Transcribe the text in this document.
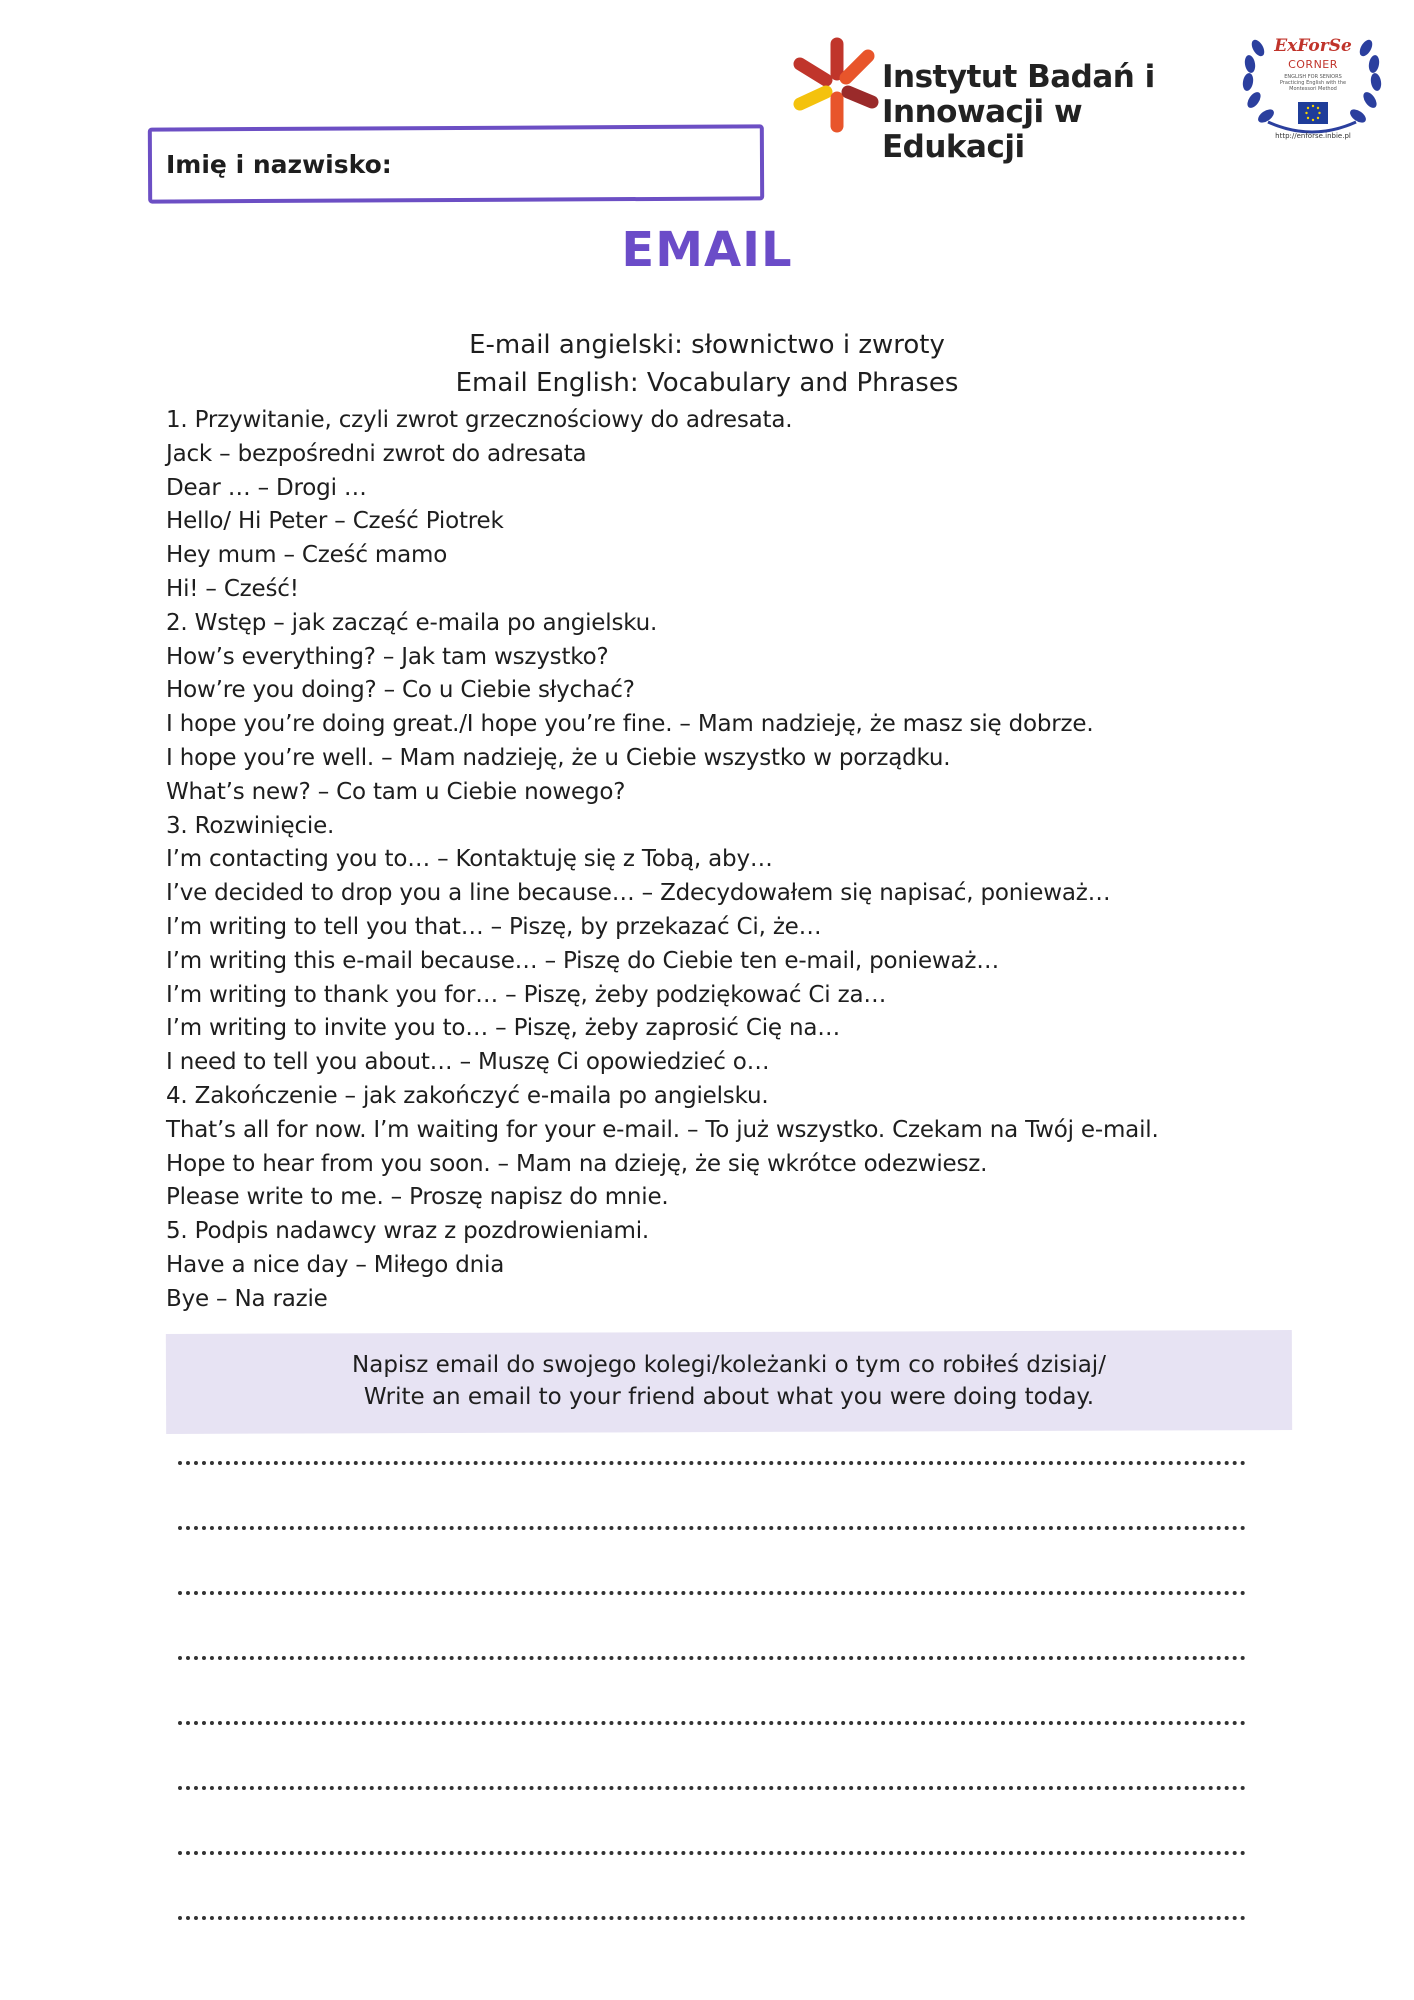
Imię i nazwisko:
Instytut Badań i
Innowacji w Edukacji
ExForSe
CORNER
ENGLISH FOR SENIORS Practicing English with the Montessori Method
http://enforse.inbie.pl
EMAIL
E-mail angielski: słownictwo i zwroty
Email English: Vocabulary and Phrases
1. Przywitanie, czyli zwrot grzecznościowy do adresata.
Jack – bezpośredni zwrot do adresata
Dear … – Drogi …
Hello/ Hi Peter – Cześć Piotrek
Hey mum – Cześć mamo
Hi! – Cześć!
2. Wstęp – jak zacząć e-maila po angielsku.
How’s everything? – Jak tam wszystko?
How’re you doing? – Co u Ciebie słychać?
I hope you’re doing great./I hope you’re fine. – Mam nadzieję, że masz się dobrze.
I hope you’re well. – Mam nadzieję, że u Ciebie wszystko w porządku.
What’s new? – Co tam u Ciebie nowego?
3. Rozwinięcie.
I’m contacting you to… – Kontaktuję się z Tobą, aby…
I’ve decided to drop you a line because… – Zdecydowałem się napisać, ponieważ…
I’m writing to tell you that… – Piszę, by przekazać Ci, że…
I’m writing this e-mail because… – Piszę do Ciebie ten e-mail, ponieważ…
I’m writing to thank you for… – Piszę, żeby podziękować Ci za…
I’m writing to invite you to… – Piszę, żeby zaprosić Cię na…
I need to tell you about… – Muszę Ci opowiedzieć o…
4. Zakończenie – jak zakończyć e-maila po angielsku.
That’s all for now. I’m waiting for your e-mail. – To już wszystko. Czekam na Twój e-mail.
Hope to hear from you soon. – Mam na dzieję, że się wkrótce odezwiesz.
Please write to me. – Proszę napisz do mnie.
5. Podpis nadawcy wraz z pozdrowieniami.
Have a nice day – Miłego dnia
Bye – Na razie
Napisz email do swojego kolegi/koleżanki o tym co robiłeś dzisiaj/
Write an email to your friend about what you were doing today.
